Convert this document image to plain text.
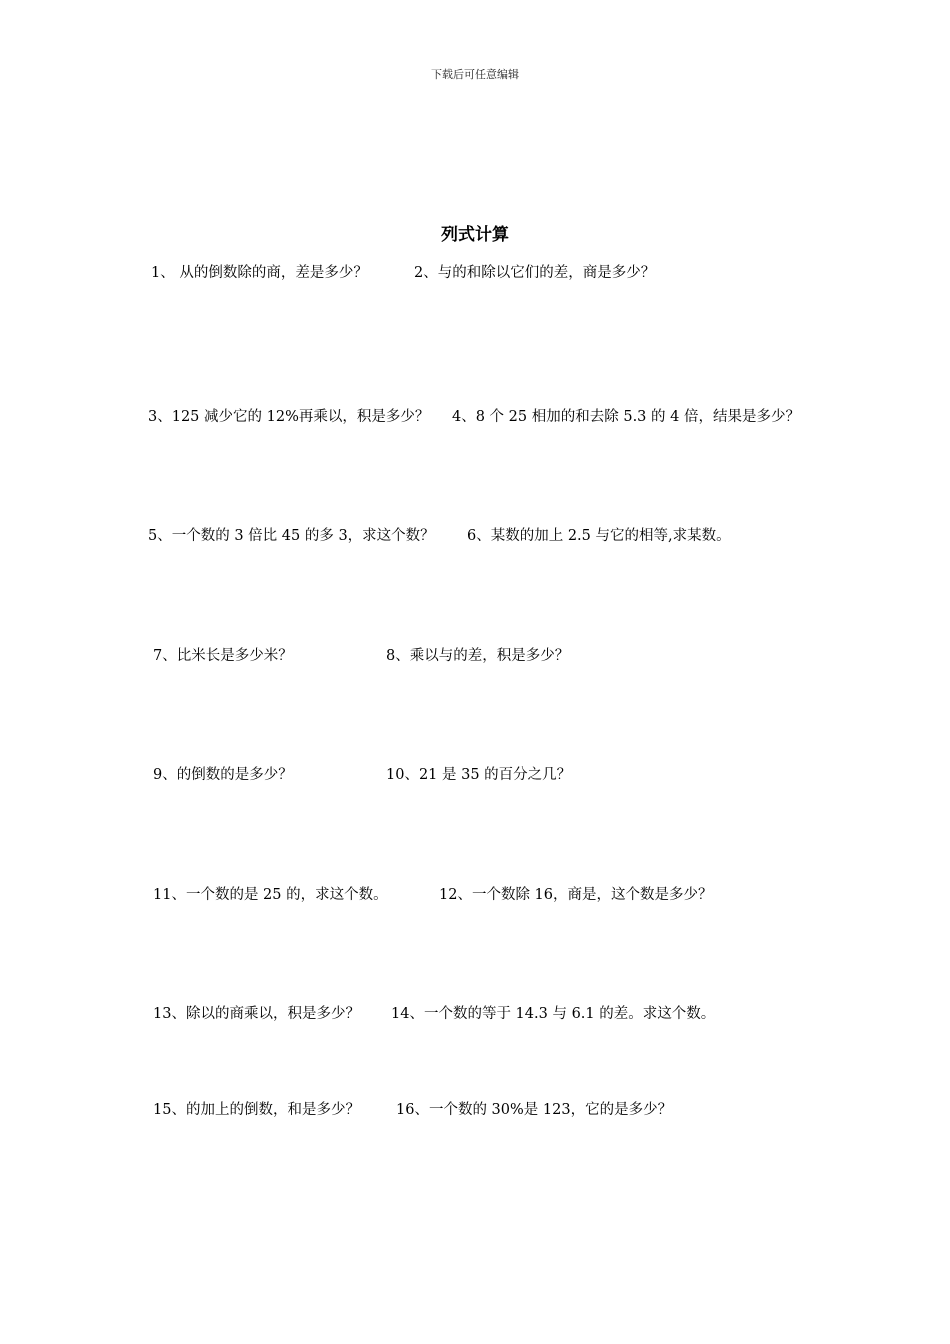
下载后可任意编辑
列式计算
1、 从的倒数除的商，差是多少？	2、与的和除以它们的差，商是多少？
3、125 减少它的 12%再乘以，积是多少？ 4、8 个 25 相加的和去除 5.3 的 4 倍，结果是多少？
5、一个数的 3 倍比 45 的多 3，求这个数？ 6、某数的加上 2.5 与它的相等,求某数。
7、比米长是多少米？	8、乘以与的差，积是多少？
9、的倒数的是多少？	10、21 是 35 的百分之几？
11、一个数的是 25 的，求这个数。	12、一个数除 16，商是，这个数是多少？
13、除以的商乘以，积是多少？ 14、一个数的等于 14.3 与 6.1 的差。求这个数。
15、的加上的倒数，和是多少？ 16、一个数的 30%是 123，它的是多少？
